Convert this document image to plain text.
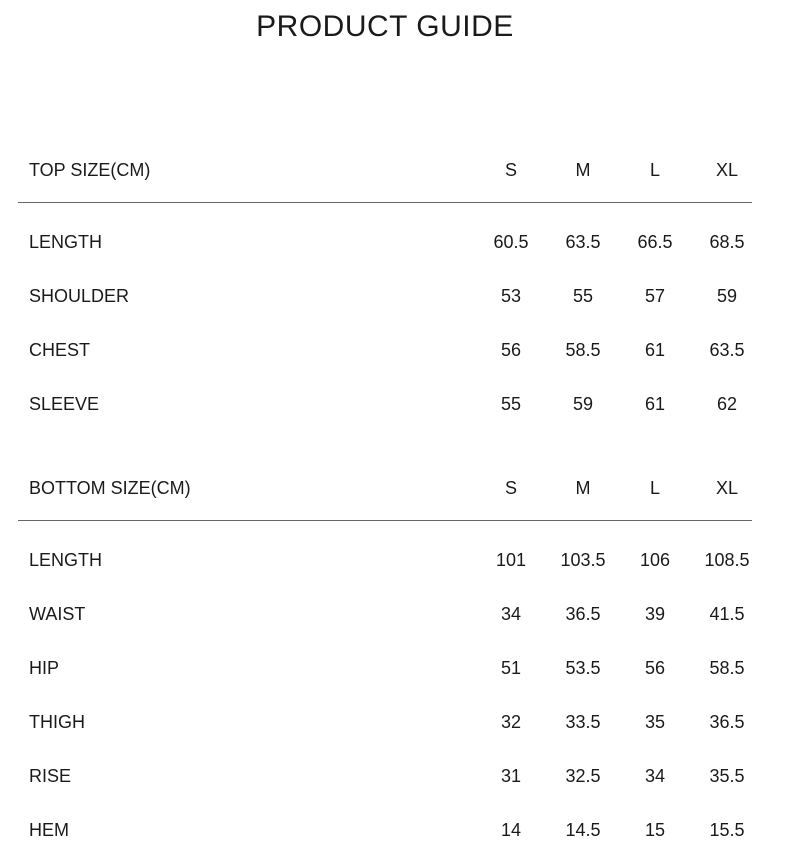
PRODUCT GUIDE
TOP SIZE(CM)	S	M	L	XL
LENGTH	60.5	63.5	66.5	68.5
SHOULDER	53	55	57	59
CHEST	56	58.5	61	63.5
SLEEVE	55	59	61	62
BOTTOM SIZE(CM)	S	M	L	XL
LENGTH	101	103.5	106	108.5
WAIST	34	36.5	39	41.5
HIP	51	53.5	56	58.5
THIGH	32	33.5	35	36.5
RISE	31	32.5	34	35.5
HEM	14	14.5	15	15.5
